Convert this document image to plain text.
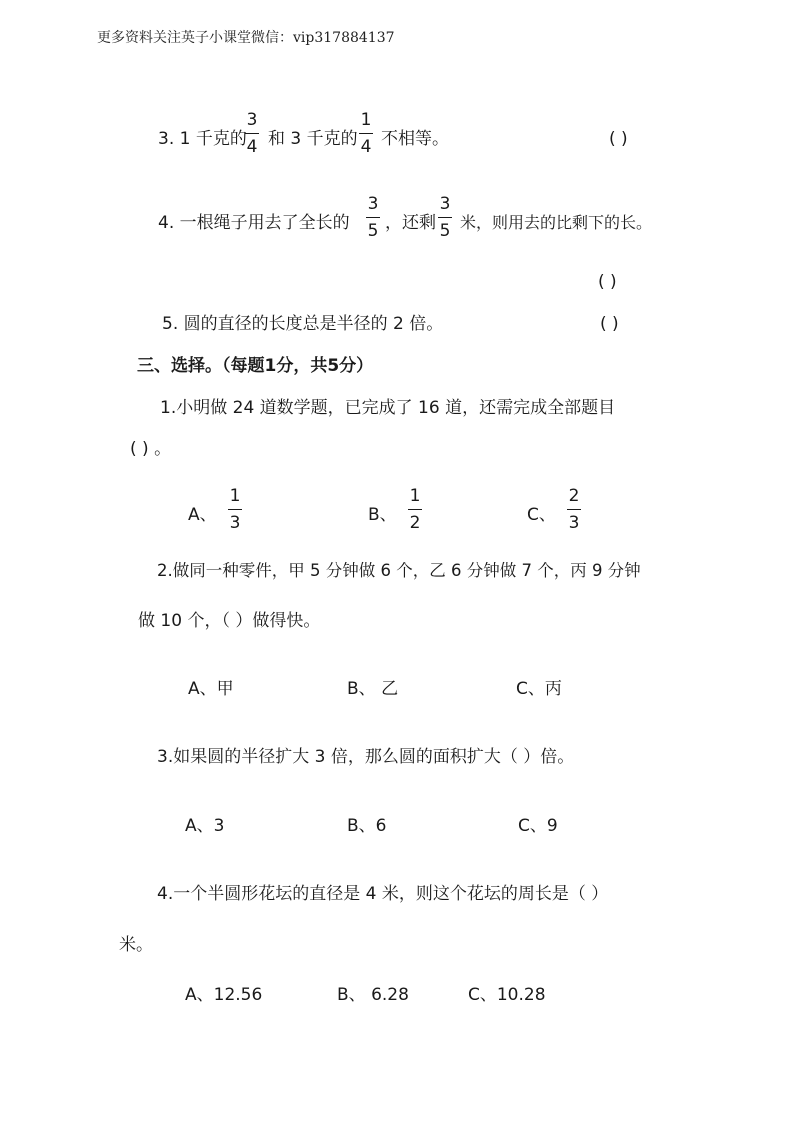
更多资料关注英子小课堂微信：vip317884137
3. 1 千克的
3
4 和 3 千克的
1
4 不相等。	( )
4. 一根绳子用去了全长的
3
5 ，还剩
3
5 米，则用去的比剩下的长。
( )
5. 圆的直径的长度总是半径的 2 倍。	( )
三、选择。（每题1分，共5分）
1.小明做 24 道数学题，已完成了 16 道，还需完成全部题目
( ) 。
A、
1
3	B、
1
2	C、
2
3
2.做同一种零件，甲 5 分钟做 6 个，乙 6 分钟做 7 个，丙 9 分钟
做 10 个，（ ）做得快。
A、甲	B、 乙	C、丙
3.如果圆的半径扩大 3 倍，那么圆的面积扩大（ ）倍。
A、3	B、6	C、9
4.一个半圆形花坛的直径是 4 米，则这个花坛的周长是（ ）
米。
A、12.56	B、 6.28	C、10.28
